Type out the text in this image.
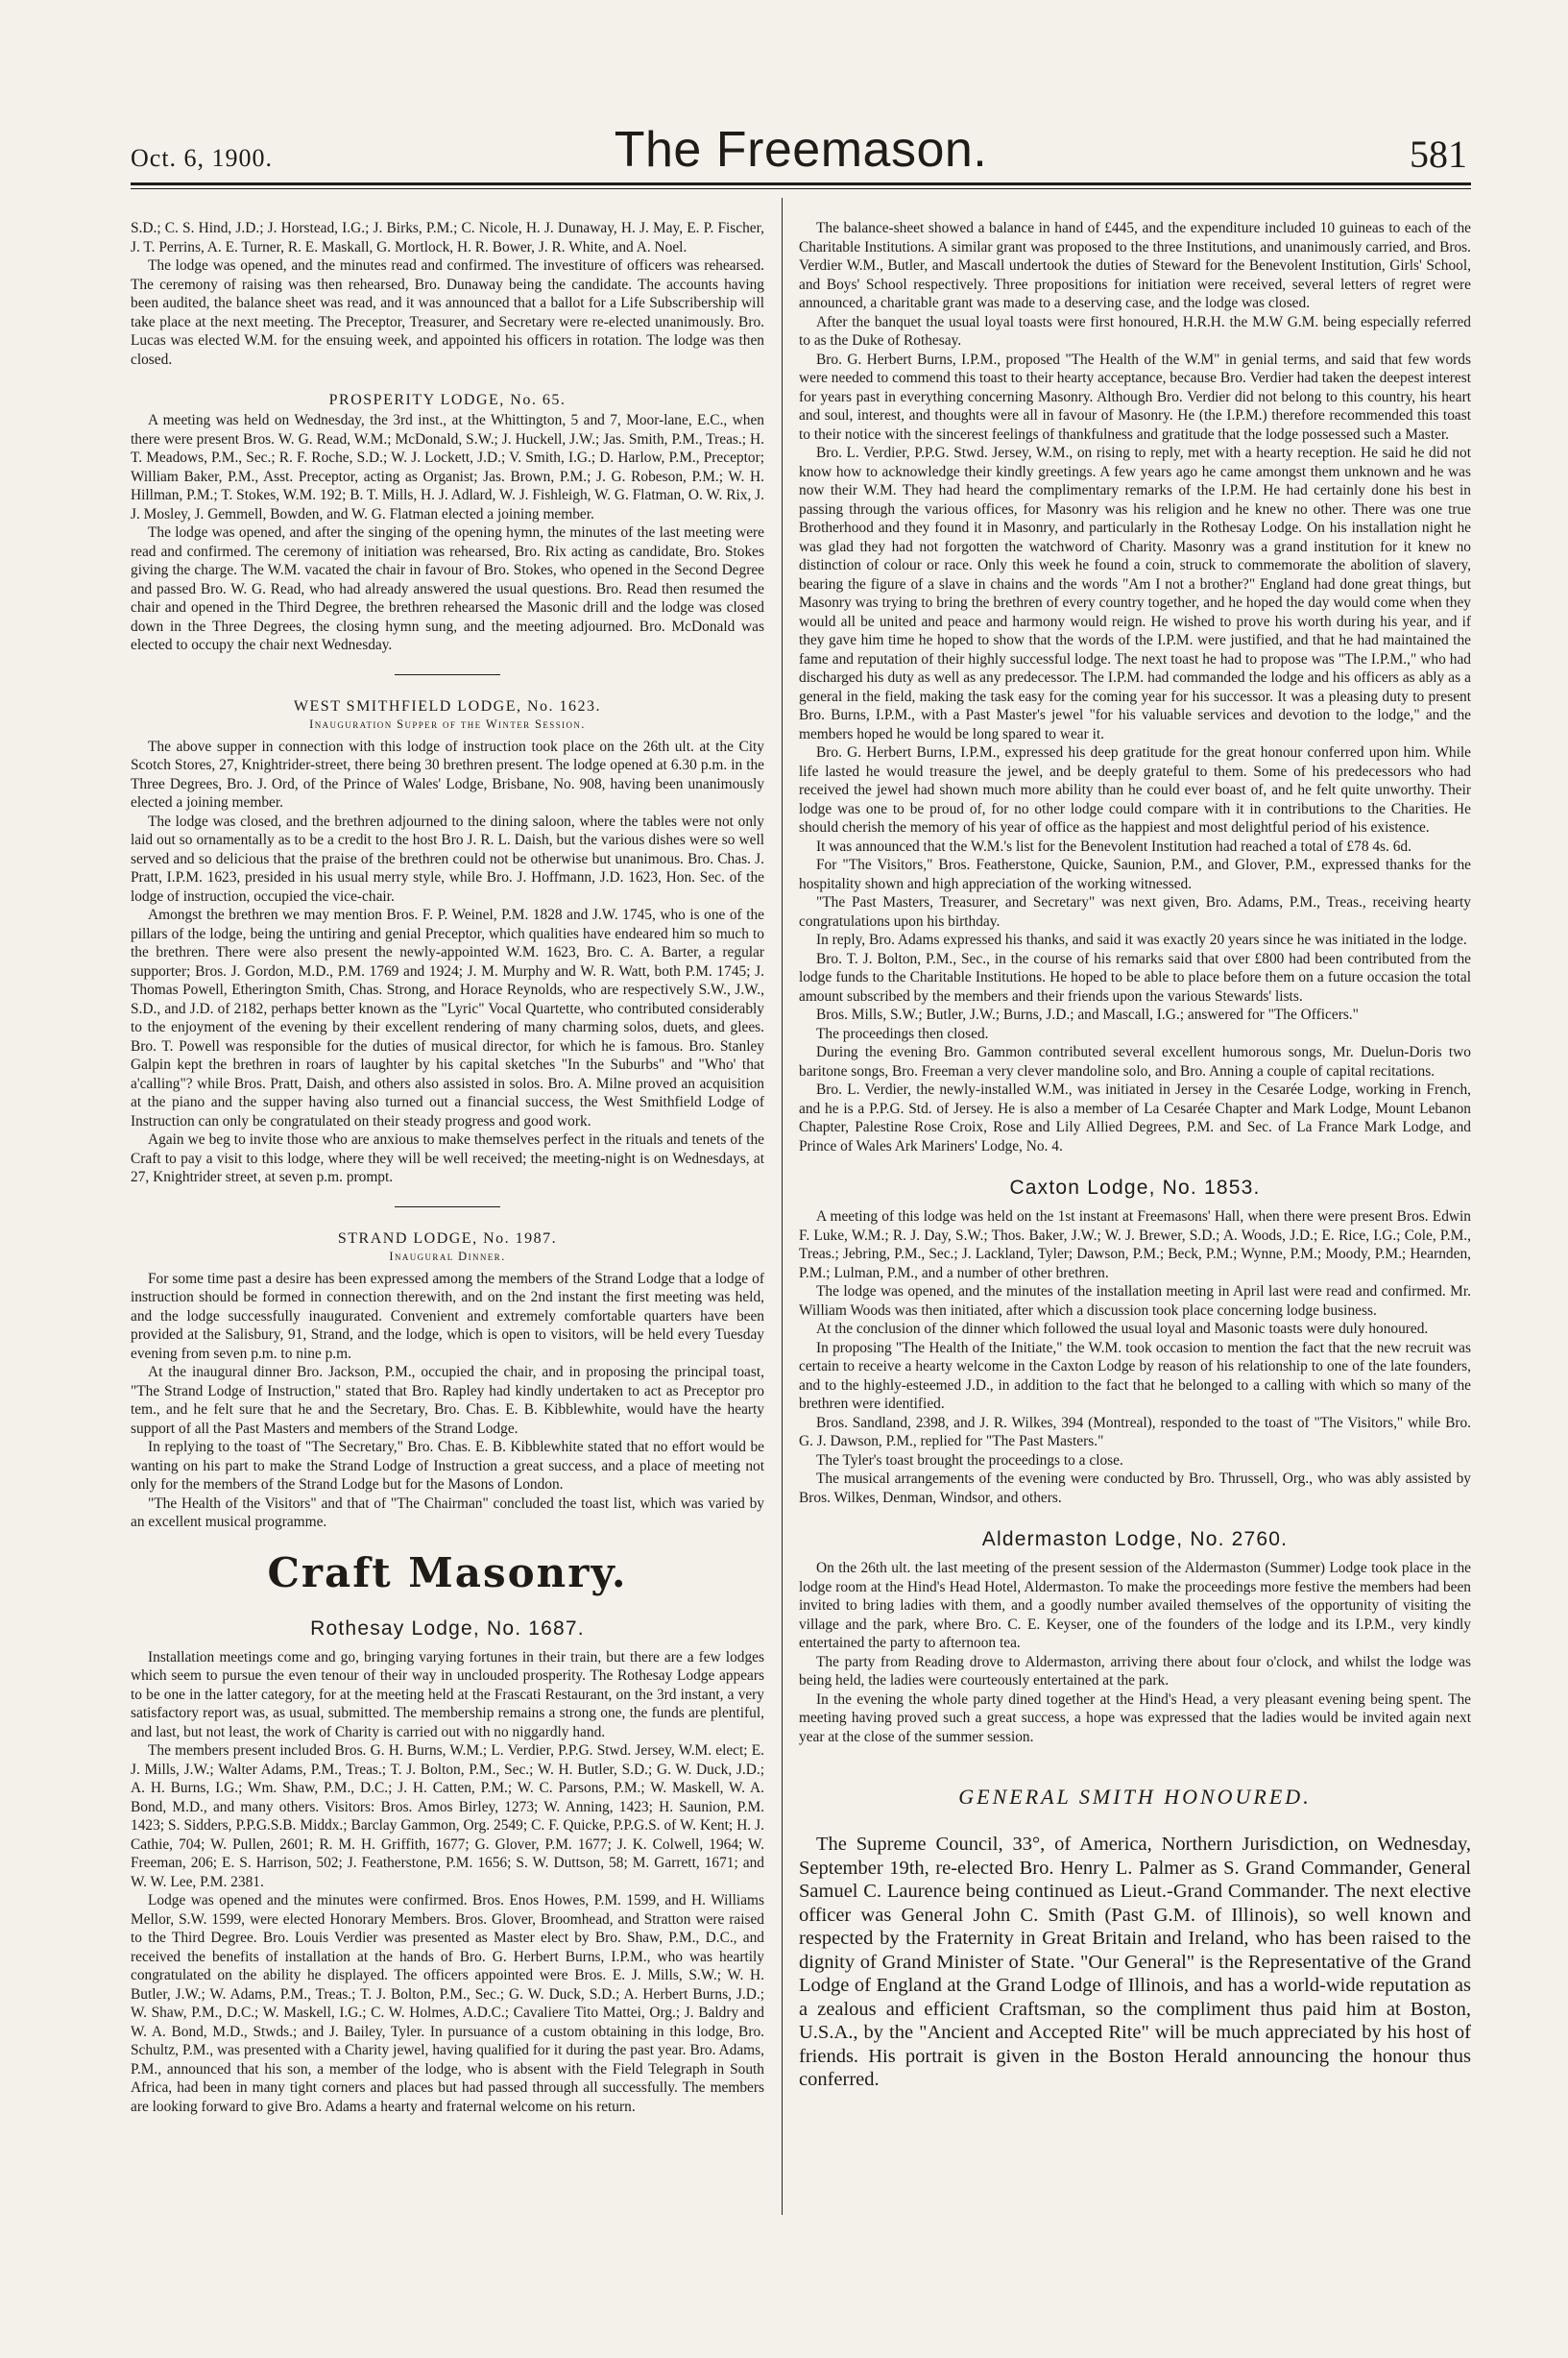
Oct. 6, 1900.	The Freemason.	581

S.D.; C. S. Hind, J.D.; J. Horstead, I.G.; J. Birks, P.M.; C. Nicole, H. J. Dunaway, H. J. May, E. P. Fischer, J. T. Perrins, A. E. Turner, R. E. Maskall, G. Mortlock, H. R. Bower, J. R. White, and A. Noel.

The lodge was opened, and the minutes read and confirmed. The investiture of officers was rehearsed. The ceremony of raising was then rehearsed, Bro. Dunaway being the candidate. The accounts having been audited, the balance sheet was read, and it was announced that a ballot for a Life Subscribership will take place at the next meeting. The Preceptor, Treasurer, and Secretary were re-elected unanimously. Bro. Lucas was elected W.M. for the ensuing week, and appointed his officers in rotation. The lodge was then closed.

PROSPERITY LODGE, No. 65.

A meeting was held on Wednesday, the 3rd inst., at the Whittington, 5 and 7, Moor-lane, E.C., when there were present Bros. W. G. Read, W.M.; McDonald, S.W.; J. Huckell, J.W.; Jas. Smith, P.M., Treas.; H. T. Meadows, P.M., Sec.; R. F. Roche, S.D.; W. J. Lockett, J.D.; V. Smith, I.G.; D. Harlow, P.M., Preceptor; William Baker, P.M., Asst. Preceptor, acting as Organist; Jas. Brown, P.M.; J. G. Robeson, P.M.; W. H. Hillman, P.M.; T. Stokes, W.M. 192; B. T. Mills, H. J. Adlard, W. J. Fishleigh, W. G. Flatman, O. W. Rix, J. J. Mosley, J. Gemmell, Bowden, and W. G. Flatman elected a joining member.

The lodge was opened, and after the singing of the opening hymn, the minutes of the last meeting were read and confirmed. The ceremony of initiation was rehearsed, Bro. Rix acting as candidate, Bro. Stokes giving the charge. The W.M. vacated the chair in favour of Bro. Stokes, who opened in the Second Degree and passed Bro. W. G. Read, who had already answered the usual questions. Bro. Read then resumed the chair and opened in the Third Degree, the brethren rehearsed the Masonic drill and the lodge was closed down in the Three Degrees, the closing hymn sung, and the meeting adjourned. Bro. McDonald was elected to occupy the chair next Wednesday.

WEST SMITHFIELD LODGE, No. 1623.
Inauguration Supper of the Winter Session.

The above supper in connection with this lodge of instruction took place on the 26th ult. at the City Scotch Stores, 27, Knightrider-street, there being 30 brethren present. The lodge opened at 6.30 p.m. in the Three Degrees, Bro. J. Ord, of the Prince of Wales' Lodge, Brisbane, No. 908, having been unanimously elected a joining member.

The lodge was closed, and the brethren adjourned to the dining saloon, where the tables were not only laid out so ornamentally as to be a credit to the host Bro J. R. L. Daish, but the various dishes were so well served and so delicious that the praise of the brethren could not be otherwise but unanimous. Bro. Chas. J. Pratt, I.P.M. 1623, presided in his usual merry style, while Bro. J. Hoffmann, J.D. 1623, Hon. Sec. of the lodge of instruction, occupied the vice-chair.

Amongst the brethren we may mention Bros. F. P. Weinel, P.M. 1828 and J.W. 1745, who is one of the pillars of the lodge, being the untiring and genial Preceptor, which qualities have endeared him so much to the brethren. There were also present the newly-appointed W.M. 1623, Bro. C. A. Barter, a regular supporter; Bros. J. Gordon, M.D., P.M. 1769 and 1924; J. M. Murphy and W. R. Watt, both P.M. 1745; J. Thomas Powell, Etherington Smith, Chas. Strong, and Horace Reynolds, who are respectively S.W., J.W., S.D., and J.D. of 2182, perhaps better known as the "Lyric" Vocal Quartette, who contributed considerably to the enjoyment of the evening by their excellent rendering of many charming solos, duets, and glees. Bro. T. Powell was responsible for the duties of musical director, for which he is famous. Bro. Stanley Galpin kept the brethren in roars of laughter by his capital sketches "In the Suburbs" and "Who' that a'calling"? while Bros. Pratt, Daish, and others also assisted in solos. Bro. A. Milne proved an acquisition at the piano and the supper having also turned out a financial success, the West Smithfield Lodge of Instruction can only be congratulated on their steady progress and good work.

Again we beg to invite those who are anxious to make themselves perfect in the rituals and tenets of the Craft to pay a visit to this lodge, where they will be well received; the meeting-night is on Wednesdays, at 27, Knightrider street, at seven p.m. prompt.

STRAND LODGE, No. 1987.
Inaugural Dinner.

For some time past a desire has been expressed among the members of the Strand Lodge that a lodge of instruction should be formed in connection therewith, and on the 2nd instant the first meeting was held, and the lodge successfully inaugurated. Convenient and extremely comfortable quarters have been provided at the Salisbury, 91, Strand, and the lodge, which is open to visitors, will be held every Tuesday evening from seven p.m. to nine p.m.

At the inaugural dinner Bro. Jackson, P.M., occupied the chair, and in proposing the principal toast, "The Strand Lodge of Instruction," stated that Bro. Rapley had kindly undertaken to act as Preceptor pro tem., and he felt sure that he and the Secretary, Bro. Chas. E. B. Kibblewhite, would have the hearty support of all the Past Masters and members of the Strand Lodge.

In replying to the toast of "The Secretary," Bro. Chas. E. B. Kibblewhite stated that no effort would be wanting on his part to make the Strand Lodge of Instruction a great success, and a place of meeting not only for the members of the Strand Lodge but for the Masons of London.

"The Health of the Visitors" and that of "The Chairman" concluded the toast list, which was varied by an excellent musical programme.

Craft Masonry.
Rothesay Lodge, No. 1687.

Installation meetings come and go, bringing varying fortunes in their train, but there are a few lodges which seem to pursue the even tenour of their way in unclouded prosperity. The Rothesay Lodge appears to be one in the latter category, for at the meeting held at the Frascati Restaurant, on the 3rd instant, a very satisfactory report was, as usual, submitted. The membership remains a strong one, the funds are plentiful, and last, but not least, the work of Charity is carried out with no niggardly hand.

The members present included Bros. G. H. Burns, W.M.; L. Verdier, P.P.G. Stwd. Jersey, W.M. elect; E. J. Mills, J.W.; Walter Adams, P.M., Treas.; T. J. Bolton, P.M., Sec.; W. H. Butler, S.D.; G. W. Duck, J.D.; A. H. Burns, I.G.; Wm. Shaw, P.M., D.C.; J. H. Catten, P.M.; W. C. Parsons, P.M.; W. Maskell, W. A. Bond, M.D., and many others. Visitors: Bros. Amos Birley, 1273; W. Anning, 1423; H. Saunion, P.M. 1423; S. Sidders, P.P.G.S.B. Middx.; Barclay Gammon, Org. 2549; C. F. Quicke, P.P.G.S. of W. Kent; H. J. Cathie, 704; W. Pullen, 2601; R. M. H. Griffith, 1677; G. Glover, P.M. 1677; J. K. Colwell, 1964; W. Freeman, 206; E. S. Harrison, 502; J. Featherstone, P.M. 1656; S. W. Duttson, 58; M. Garrett, 1671; and W. W. Lee, P.M. 2381.

Lodge was opened and the minutes were confirmed. Bros. Enos Howes, P.M. 1599, and H. Williams Mellor, S.W. 1599, were elected Honorary Members. Bros. Glover, Broomhead, and Stratton were raised to the Third Degree. Bro. Louis Verdier was presented as Master elect by Bro. Shaw, P.M., D.C., and received the benefits of installation at the hands of Bro. G. Herbert Burns, I.P.M., who was heartily congratulated on the ability he displayed. The officers appointed were Bros. E. J. Mills, S.W.; W. H. Butler, J.W.; W. Adams, P.M., Treas.; T. J. Bolton, P.M., Sec.; G. W. Duck, S.D.; A. Herbert Burns, J.D.; W. Shaw, P.M., D.C.; W. Maskell, I.G.; C. W. Holmes, A.D.C.; Cavaliere Tito Mattei, Org.; J. Baldry and W. A. Bond, M.D., Stwds.; and J. Bailey, Tyler. In pursuance of a custom obtaining in this lodge, Bro. Schultz, P.M., was presented with a Charity jewel, having qualified for it during the past year. Bro. Adams, P.M., announced that his son, a member of the lodge, who is absent with the Field Telegraph in South Africa, had been in many tight corners and places but had passed through all successfully. The members are looking forward to give Bro. Adams a hearty and fraternal welcome on his return.

The balance-sheet showed a balance in hand of £445, and the expenditure included 10 guineas to each of the Charitable Institutions. A similar grant was proposed to the three Institutions, and unanimously carried, and Bros. Verdier W.M., Butler, and Mascall undertook the duties of Steward for the Benevolent Institution, Girls' School, and Boys' School respectively. Three propositions for initiation were received, several letters of regret were announced, a charitable grant was made to a deserving case, and the lodge was closed.

After the banquet the usual loyal toasts were first honoured, H.R.H. the M.W G.M. being especially referred to as the Duke of Rothesay.

Bro. G. Herbert Burns, I.P.M., proposed "The Health of the W.M" in genial terms, and said that few words were needed to commend this toast to their hearty acceptance, because Bro. Verdier had taken the deepest interest for years past in everything concerning Masonry. Although Bro. Verdier did not belong to this country, his heart and soul, interest, and thoughts were all in favour of Masonry. He (the I.P.M.) therefore recommended this toast to their notice with the sincerest feelings of thankfulness and gratitude that the lodge possessed such a Master.

Bro. L. Verdier, P.P.G. Stwd. Jersey, W.M., on rising to reply, met with a hearty reception. He said he did not know how to acknowledge their kindly greetings. A few years ago he came amongst them unknown and he was now their W.M. They had heard the complimentary remarks of the I.P.M. He had certainly done his best in passing through the various offices, for Masonry was his religion and he knew no other. There was one true Brotherhood and they found it in Masonry, and particularly in the Rothesay Lodge. On his installation night he was glad they had not forgotten the watchword of Charity. Masonry was a grand institution for it knew no distinction of colour or race. Only this week he found a coin, struck to commemorate the abolition of slavery, bearing the figure of a slave in chains and the words "Am I not a brother?" England had done great things, but Masonry was trying to bring the brethren of every country together, and he hoped the day would come when they would all be united and peace and harmony would reign. He wished to prove his worth during his year, and if they gave him time he hoped to show that the words of the I.P.M. were justified, and that he had maintained the fame and reputation of their highly successful lodge. The next toast he had to propose was "The I.P.M.," who had discharged his duty as well as any predecessor. The I.P.M. had commanded the lodge and his officers as ably as a general in the field, making the task easy for the coming year for his successor. It was a pleasing duty to present Bro. Burns, I.P.M., with a Past Master's jewel "for his valuable services and devotion to the lodge," and the members hoped he would be long spared to wear it.

Bro. G. Herbert Burns, I.P.M., expressed his deep gratitude for the great honour conferred upon him. While life lasted he would treasure the jewel, and be deeply grateful to them. Some of his predecessors who had received the jewel had shown much more ability than he could ever boast of, and he felt quite unworthy. Their lodge was one to be proud of, for no other lodge could compare with it in contributions to the Charities. He should cherish the memory of his year of office as the happiest and most delightful period of his existence.

It was announced that the W.M.'s list for the Benevolent Institution had reached a total of £78 4s. 6d.

For "The Visitors," Bros. Featherstone, Quicke, Saunion, P.M., and Glover, P.M., expressed thanks for the hospitality shown and high appreciation of the working witnessed.

"The Past Masters, Treasurer, and Secretary" was next given, Bro. Adams, P.M., Treas., receiving hearty congratulations upon his birthday.

In reply, Bro. Adams expressed his thanks, and said it was exactly 20 years since he was initiated in the lodge.

Bro. T. J. Bolton, P.M., Sec., in the course of his remarks said that over £800 had been contributed from the lodge funds to the Charitable Institutions. He hoped to be able to place before them on a future occasion the total amount subscribed by the members and their friends upon the various Stewards' lists.

Bros. Mills, S.W.; Butler, J.W.; Burns, J.D.; and Mascall, I.G.; answered for "The Officers."

The proceedings then closed.

During the evening Bro. Gammon contributed several excellent humorous songs, Mr. Duelun-Doris two baritone songs, Bro. Freeman a very clever mandoline solo, and Bro. Anning a couple of capital recitations.

Bro. L. Verdier, the newly-installed W.M., was initiated in Jersey in the Cesarée Lodge, working in French, and he is a P.P.G. Std. of Jersey. He is also a member of La Cesarée Chapter and Mark Lodge, Mount Lebanon Chapter, Palestine Rose Croix, Rose and Lily Allied Degrees, P.M. and Sec. of La France Mark Lodge, and Prince of Wales Ark Mariners' Lodge, No. 4.

Caxton Lodge, No. 1853.

A meeting of this lodge was held on the 1st instant at Freemasons' Hall, when there were present Bros. Edwin F. Luke, W.M.; R. J. Day, S.W.; Thos. Baker, J.W.; W. J. Brewer, S.D.; A. Woods, J.D.; E. Rice, I.G.; Cole, P.M., Treas.; Jebring, P.M., Sec.; J. Lackland, Tyler; Dawson, P.M.; Beck, P.M.; Wynne, P.M.; Moody, P.M.; Hearnden, P.M.; Lulman, P.M., and a number of other brethren.

The lodge was opened, and the minutes of the installation meeting in April last were read and confirmed. Mr. William Woods was then initiated, after which a discussion took place concerning lodge business.

At the conclusion of the dinner which followed the usual loyal and Masonic toasts were duly honoured.

In proposing "The Health of the Initiate," the W.M. took occasion to mention the fact that the new recruit was certain to receive a hearty welcome in the Caxton Lodge by reason of his relationship to one of the late founders, and to the highly-esteemed J.D., in addition to the fact that he belonged to a calling with which so many of the brethren were identified.

Bros. Sandland, 2398, and J. R. Wilkes, 394 (Montreal), responded to the toast of "The Visitors," while Bro. G. J. Dawson, P.M., replied for "The Past Masters."

The Tyler's toast brought the proceedings to a close.

The musical arrangements of the evening were conducted by Bro. Thrussell, Org., who was ably assisted by Bros. Wilkes, Denman, Windsor, and others.

Aldermaston Lodge, No. 2760.

On the 26th ult. the last meeting of the present session of the Aldermaston (Summer) Lodge took place in the lodge room at the Hind's Head Hotel, Aldermaston. To make the proceedings more festive the members had been invited to bring ladies with them, and a goodly number availed themselves of the opportunity of visiting the village and the park, where Bro. C. E. Keyser, one of the founders of the lodge and its I.P.M., very kindly entertained the party to afternoon tea.

The party from Reading drove to Aldermaston, arriving there about four o'clock, and whilst the lodge was being held, the ladies were courteously entertained at the park.

In the evening the whole party dined together at the Hind's Head, a very pleasant evening being spent. The meeting having proved such a great success, a hope was expressed that the ladies would be invited again next year at the close of the summer session.

GENERAL SMITH HONOURED.

The Supreme Council, 33°, of America, Northern Jurisdiction, on Wednesday, September 19th, re-elected Bro. Henry L. Palmer as S. Grand Commander, General Samuel C. Laurence being continued as Lieut.-Grand Commander. The next elective officer was General John C. Smith (Past G.M. of Illinois), so well known and respected by the Fraternity in Great Britain and Ireland, who has been raised to the dignity of Grand Minister of State. "Our General" is the Representative of the Grand Lodge of England at the Grand Lodge of Illinois, and has a world-wide reputation as a zealous and efficient Craftsman, so the compliment thus paid him at Boston, U.S.A., by the "Ancient and Accepted Rite" will be much appreciated by his host of friends. His portrait is given in the Boston Herald announcing the honour thus conferred.
